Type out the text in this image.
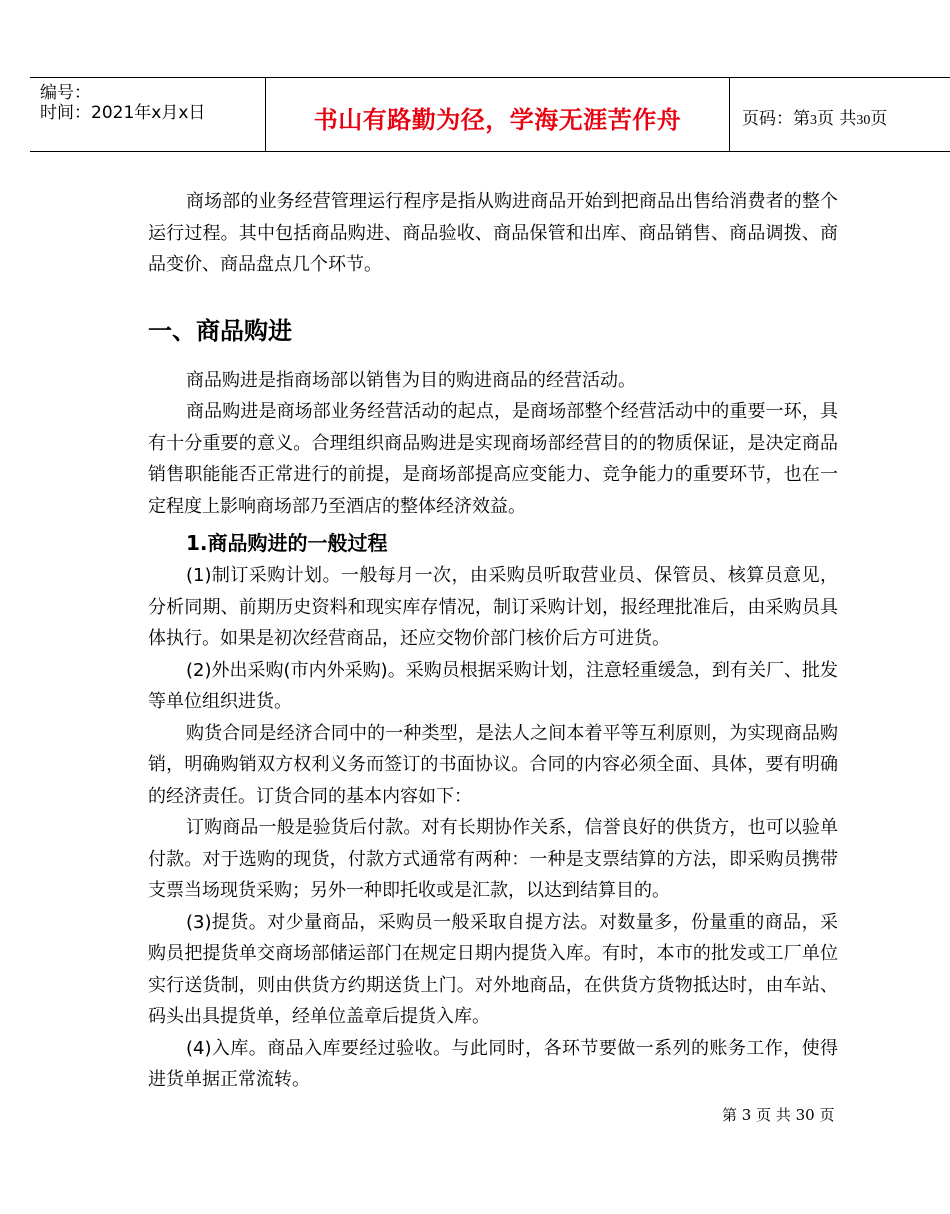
编号：
时间：2021年x月x日	书山有路勤为径，学海无涯苦作舟	页码：第3页 共30页

商场部的业务经营管理运行程序是指从购进商品开始到把商品出售给消费者的整个运行过程。其中包括商品购进、商品验收、商品保管和出库、商品销售、商品调拨、商品变价、商品盘点几个环节。

一、商品购进

商品购进是指商场部以销售为目的购进商品的经营活动。

商品购进是商场部业务经营活动的起点，是商场部整个经营活动中的重要一环，具有十分重要的意义。合理组织商品购进是实现商场部经营目的的物质保证，是决定商品销售职能能否正常进行的前提，是商场部提高应变能力、竞争能力的重要环节，也在一定程度上影响商场部乃至酒店的整体经济效益。

1.商品购进的一般过程

(1)制订采购计划。一般每月一次，由采购员听取营业员、保管员、核算员意见，分析同期、前期历史资料和现实库存情况，制订采购计划，报经理批准后，由采购员具体执行。如果是初次经营商品，还应交物价部门核价后方可进货。

(2)外出采购(市内外采购)。采购员根据采购计划，注意轻重缓急，到有关厂、批发等单位组织进货。

购货合同是经济合同中的一种类型，是法人之间本着平等互利原则，为实现商品购销，明确购销双方权利义务而签订的书面协议。合同的内容必须全面、具体，要有明确的经济责任。订货合同的基本内容如下：

订购商品一般是验货后付款。对有长期协作关系，信誉良好的供货方，也可以验单付款。对于选购的现货，付款方式通常有两种：一种是支票结算的方法，即采购员携带支票当场现货采购；另外一种即托收或是汇款，以达到结算目的。

(3)提货。对少量商品，采购员一般采取自提方法。对数量多，份量重的商品，采购员把提货单交商场部储运部门在规定日期内提货入库。有时，本市的批发或工厂单位实行送货制，则由供货方约期送货上门。对外地商品，在供货方货物抵达时，由车站、码头出具提货单，经单位盖章后提货入库。

(4)入库。商品入库要经过验收。与此同时，各环节要做一系列的账务工作，使得进货单据正常流转。

第 3 页 共 30 页
